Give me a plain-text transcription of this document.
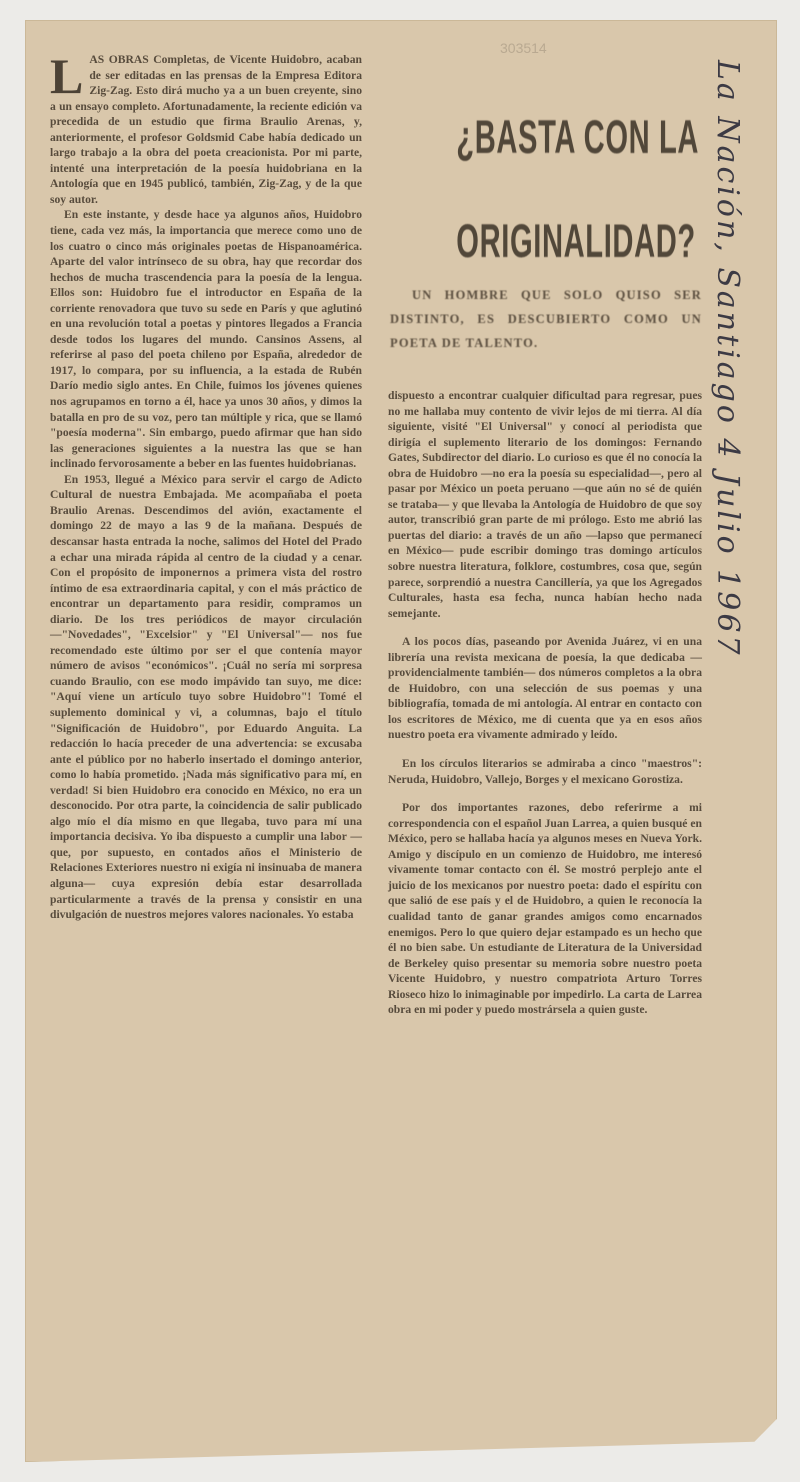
303514
¿BASTA CON LA
ORIGINALIDAD?
UN HOMBRE QUE SOLO QUISO SER DISTINTO, ES DESCUBIERTO COMO UN POETA DE TALENTO.

LAS OBRAS Completas, de Vicente Huidobro, acaban de ser editadas en las prensas de la Empresa Editora Zig-Zag. Esto dirá mucho ya a un buen creyente, sino a un ensayo completo. Afortunadamente, la reciente edición va precedida de un estudio que firma Braulio Arenas, y, anteriormente, el profesor Goldsmid Cabe había dedicado un largo trabajo a la obra del poeta creacionista. Por mi parte, intenté una interpretación de la poesía huidobriana en la Antología que en 1945 publicó, también, Zig-Zag, y de la que soy autor.

En este instante, y desde hace ya algunos años, Huidobro tiene, cada vez más, la importancia que merece como uno de los cuatro o cinco más originales poetas de Hispanoamérica. Aparte del valor intrínseco de su obra, hay que recordar dos hechos de mucha trascendencia para la poesía de la lengua. Ellos son: Huidobro fue el introductor en España de la corriente renovadora que tuvo su sede en París y que aglutinó en una revolución total a poetas y pintores llegados a Francia desde todos los lugares del mundo. Cansinos Assens, al referirse al paso del poeta chileno por España, alrededor de 1917, lo compara, por su influencia, a la estada de Rubén Darío medio siglo antes. En Chile, fuimos los jóvenes quienes nos agrupamos en torno a él, hace ya unos 30 años, y dimos la batalla en pro de su voz, pero tan múltiple y rica, que se llamó "poesía moderna". Sin embargo, puedo afirmar que han sido las generaciones siguientes a la nuestra las que se han inclinado fervorosamente a beber en las fuentes huidobrianas.

En 1953, llegué a México para servir el cargo de Adicto Cultural de nuestra Embajada. Me acompañaba el poeta Braulio Arenas. Descendimos del avión, exactamente el domingo 22 de mayo a las 9 de la mañana. Después de descansar hasta entrada la noche, salimos del Hotel del Prado a echar una mirada rápida al centro de la ciudad y a cenar. Con el propósito de imponernos a primera vista del rostro íntimo de esa extraordinaria capital, y con el más práctico de encontrar un departamento para residir, compramos un diario. De los tres periódicos de mayor circulación —"Novedades", "Excelsior" y "El Universal"— nos fue recomendado este último por ser el que contenía mayor número de avisos "económicos". ¡Cuál no sería mi sorpresa cuando Braulio, con ese modo impávido tan suyo, me dice: "Aquí viene un artículo tuyo sobre Huidobro"! Tomé el suplemento dominical y vi, a columnas, bajo el título "Significación de Huidobro", por Eduardo Anguita. La redacción lo hacía preceder de una advertencia: se excusaba ante el público por no haberlo insertado el domingo anterior, como lo había prometido. ¡Nada más significativo para mí, en verdad! Si bien Huidobro era conocido en México, no era un desconocido. Por otra parte, la coincidencia de salir publicado algo mío el día mismo en que llegaba, tuvo para mí una importancia decisiva. Yo iba dispuesto a cumplir una labor —que, por supuesto, en contados años el Ministerio de Relaciones Exteriores nuestro ni exigía ni insinuaba de manera alguna— cuya expresión debía estar desarrollada particularmente a través de la prensa y consistir en una divulgación de nuestros mejores valores nacionales. Yo estaba

dispuesto a encontrar cualquier dificultad para regresar, pues no me hallaba muy contento de vivir lejos de mi tierra. Al día siguiente, visité "El Universal" y conocí al periodista que dirigía el suplemento literario de los domingos: Fernando Gates, Subdirector del diario. Lo curioso es que él no conocía la obra de Huidobro —no era la poesía su especialidad—, pero al pasar por México un poeta peruano —que aún no sé de quién se trataba— y que llevaba la Antología de Huidobro de que soy autor, transcribió gran parte de mi prólogo. Esto me abrió las puertas del diario: a través de un año —lapso que permanecí en México— pude escribir domingo tras domingo artículos sobre nuestra literatura, folklore, costumbres, cosa que, según parece, sorprendió a nuestra Cancillería, ya que los Agregados Culturales, hasta esa fecha, nunca habían hecho nada semejante.

A los pocos días, paseando por Avenida Juárez, vi en una librería una revista mexicana de poesía, la que dedicaba —providencialmente también— dos números completos a la obra de Huidobro, con una selección de sus poemas y una bibliografía, tomada de mi antología. Al entrar en contacto con los escritores de México, me di cuenta que ya en esos años nuestro poeta era vivamente admirado y leído.

En los círculos literarios se admiraba a cinco "maestros": Neruda, Huidobro, Vallejo, Borges y el mexicano Gorostiza.

Por dos importantes razones, debo referirme a mi correspondencia con el español Juan Larrea, a quien busqué en México, pero se hallaba hacía ya algunos meses en Nueva York. Amigo y discípulo en un comienzo de Huidobro, me interesó vivamente tomar contacto con él. Se mostró perplejo ante el juicio de los mexicanos por nuestro poeta: dado el espíritu con que salió de ese país y el de Huidobro, a quien le reconocía la cualidad tanto de ganar grandes amigos como encarnados enemigos. Pero lo que quiero dejar estampado es un hecho que él no bien sabe. Un estudiante de Literatura de la Universidad de Berkeley quiso presentar su memoria sobre nuestro poeta Vicente Huidobro, y nuestro compatriota Arturo Torres Rioseco hizo lo inimaginable por impedirlo. La carta de Larrea obra en mi poder y puedo mostrársela a quien guste.

La Nación, Santiago 4 Julio 1967
